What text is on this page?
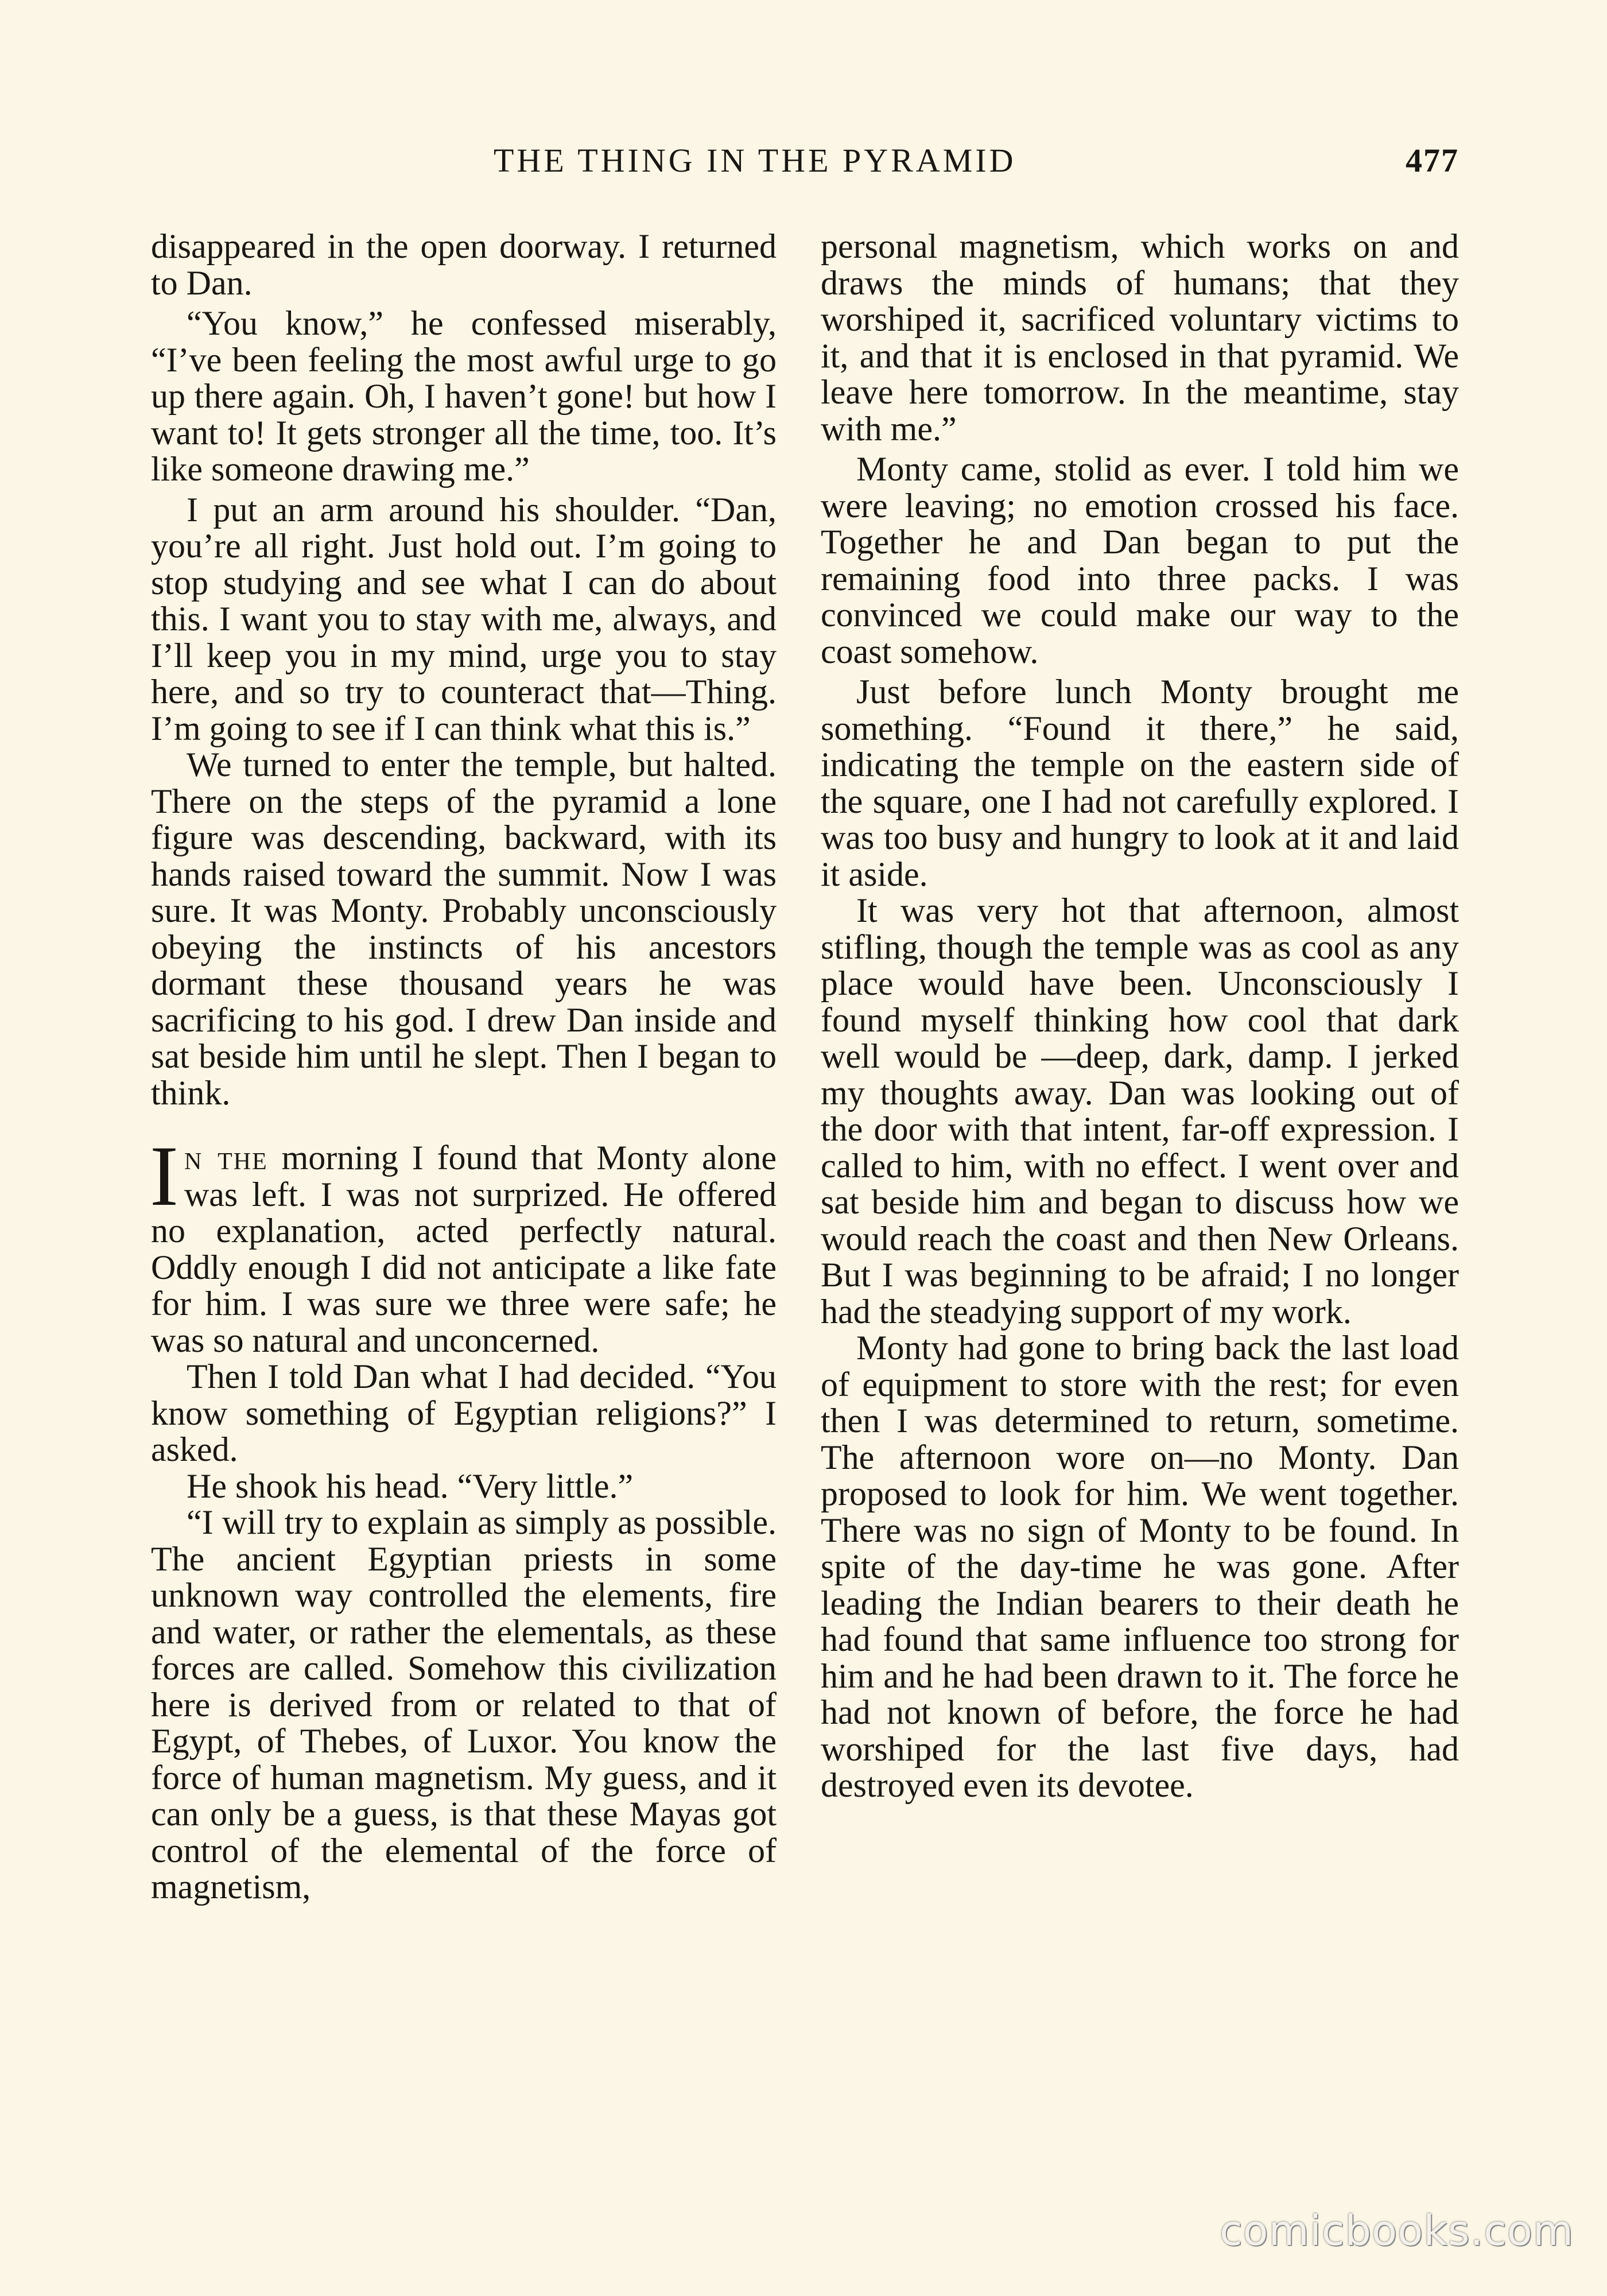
THE THING IN THE PYRAMID	477

disappeared in the open doorway. I returned to Dan.

“You know,” he confessed miserably, “I’ve been feeling the most awful urge to go up there again. Oh, I haven’t gone! but how I want to! It gets stronger all the time, too. It’s like someone drawing me.”

I put an arm around his shoulder. “Dan, you’re all right. Just hold out. I’m going to stop studying and see what I can do about this. I want you to stay with me, always, and I’ll keep you in my mind, urge you to stay here, and so try to counteract that—Thing. I’m going to see if I can think what this is.”

We turned to enter the temple, but halted. There on the steps of the pyramid a lone figure was descending, backward, with its hands raised toward the summit. Now I was sure. It was Monty. Probably unconsciously obeying the instincts of his ancestors dormant these thousand years he was sacrificing to his god. I drew Dan inside and sat beside him until he slept. Then I began to think.

In the morning I found that Monty alone was left. I was not surprized. He offered no explanation, acted perfectly natural. Oddly enough I did not anticipate a like fate for him. I was sure we three were safe; he was so natural and unconcerned.

Then I told Dan what I had decided. “You know something of Egyptian religions?” I asked.

He shook his head. “Very little.”

“I will try to explain as simply as possible. The ancient Egyptian priests in some unknown way controlled the elements, fire and water, or rather the elementals, as these forces are called. Somehow this civilization here is derived from or related to that of Egypt, of Thebes, of Luxor. You know the force of human magnetism. My guess, and it can only be a guess, is that these Mayas got control of the elemental of the force of magnetism,

personal magnetism, which works on and draws the minds of humans; that they worshiped it, sacrificed voluntary victims to it, and that it is enclosed in that pyramid. We leave here tomorrow. In the meantime, stay with me.”

Monty came, stolid as ever. I told him we were leaving; no emotion crossed his face. Together he and Dan began to put the remaining food into three packs. I was convinced we could make our way to the coast somehow.

Just before lunch Monty brought me something. “Found it there,” he said, indicating the temple on the eastern side of the square, one I had not carefully explored. I was too busy and hungry to look at it and laid it aside.

It was very hot that afternoon, almost stifling, though the temple was as cool as any place would have been. Unconsciously I found myself thinking how cool that dark well would be —deep, dark, damp. I jerked my thoughts away. Dan was looking out of the door with that intent, far-off expression. I called to him, with no effect. I went over and sat beside him and began to discuss how we would reach the coast and then New Orleans. But I was beginning to be afraid; I no longer had the steadying support of my work.

Monty had gone to bring back the last load of equipment to store with the rest; for even then I was determined to return, sometime. The afternoon wore on—no Monty. Dan proposed to look for him. We went together. There was no sign of Monty to be found. In spite of the day-time he was gone. After leading the Indian bearers to their death he had found that same influence too strong for him and he had been drawn to it. The force he had not known of before, the force he had worshiped for the last five days, had destroyed even its devotee.

comicbooks.com
